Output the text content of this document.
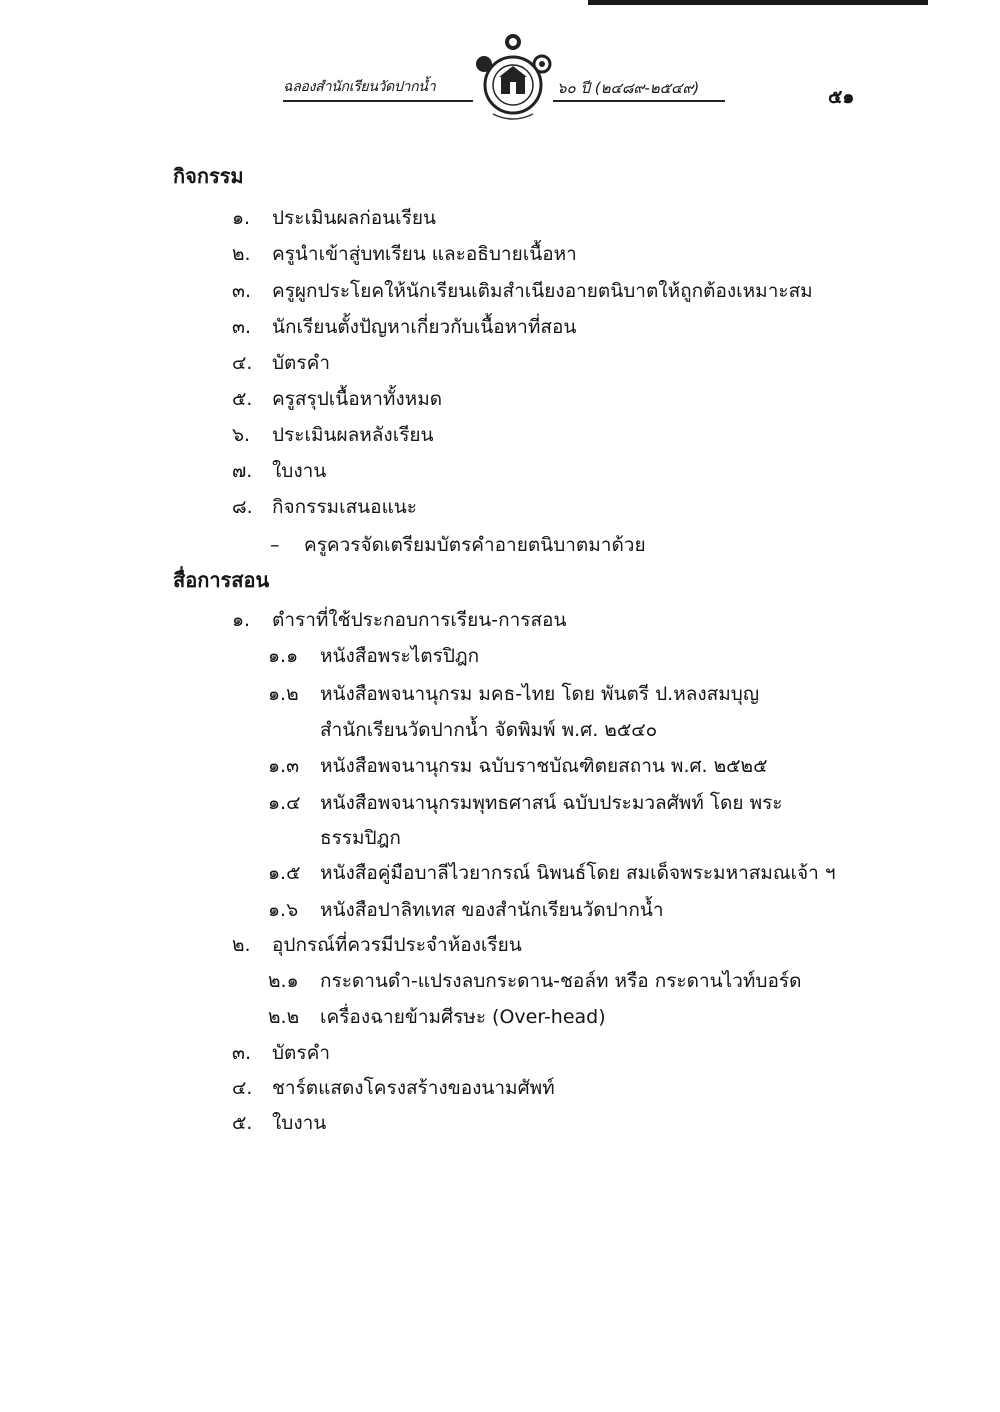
ฉลองสำนักเรียนวัดปากน้ำ	๖๐ ปี (๒๔๘๙-๒๕๔๙)	๕๑
กิจกรรม
๑. ประเมินผลก่อนเรียน
๒. ครูนำเข้าสู่บทเรียน และอธิบายเนื้อหา
๓. ครูผูกประโยคให้นักเรียนเติมสำเนียงอายตนิบาตให้ถูกต้องเหมาะสม
๓. นักเรียนตั้งปัญหาเกี่ยวกับเนื้อหาที่สอน
๔. บัตรคำ
๕. ครูสรุปเนื้อหาทั้งหมด
๖. ประเมินผลหลังเรียน
๗. ใบงาน
๘. กิจกรรมเสนอแนะ
– ครูควรจัดเตรียมบัตรคำอายตนิบาตมาด้วย
สื่อการสอน
๑. ตำราที่ใช้ประกอบการเรียน-การสอน
๑.๑ หนังสือพระไตรปิฎก
๑.๒ หนังสือพจนานุกรม มคธ-ไทย โดย พันตรี ป.หลงสมบุญ
สำนักเรียนวัดปากน้ำ จัดพิมพ์ พ.ศ. ๒๕๔๐
๑.๓ หนังสือพจนานุกรม ฉบับราชบัณฑิตยสถาน พ.ศ. ๒๕๒๕
๑.๔ หนังสือพจนานุกรมพุทธศาสน์ ฉบับประมวลศัพท์ โดย พระ
ธรรมปิฎก
๑.๕ หนังสือคู่มือบาลีไวยากรณ์ นิพนธ์โดย สมเด็จพระมหาสมณเจ้า ฯ
๑.๖ หนังสือปาลิทเทส ของสำนักเรียนวัดปากน้ำ
๒. อุปกรณ์ที่ควรมีประจำห้องเรียน
๒.๑ กระดานดำ-แปรงลบกระดาน-ชอล์ท หรือ กระดานไวท์บอร์ด
๒.๒ เครื่องฉายข้ามศีรษะ (Over-head)
๓. บัตรคำ
๔. ชาร์ตแสดงโครงสร้างของนามศัพท์
๕. ใบงาน
